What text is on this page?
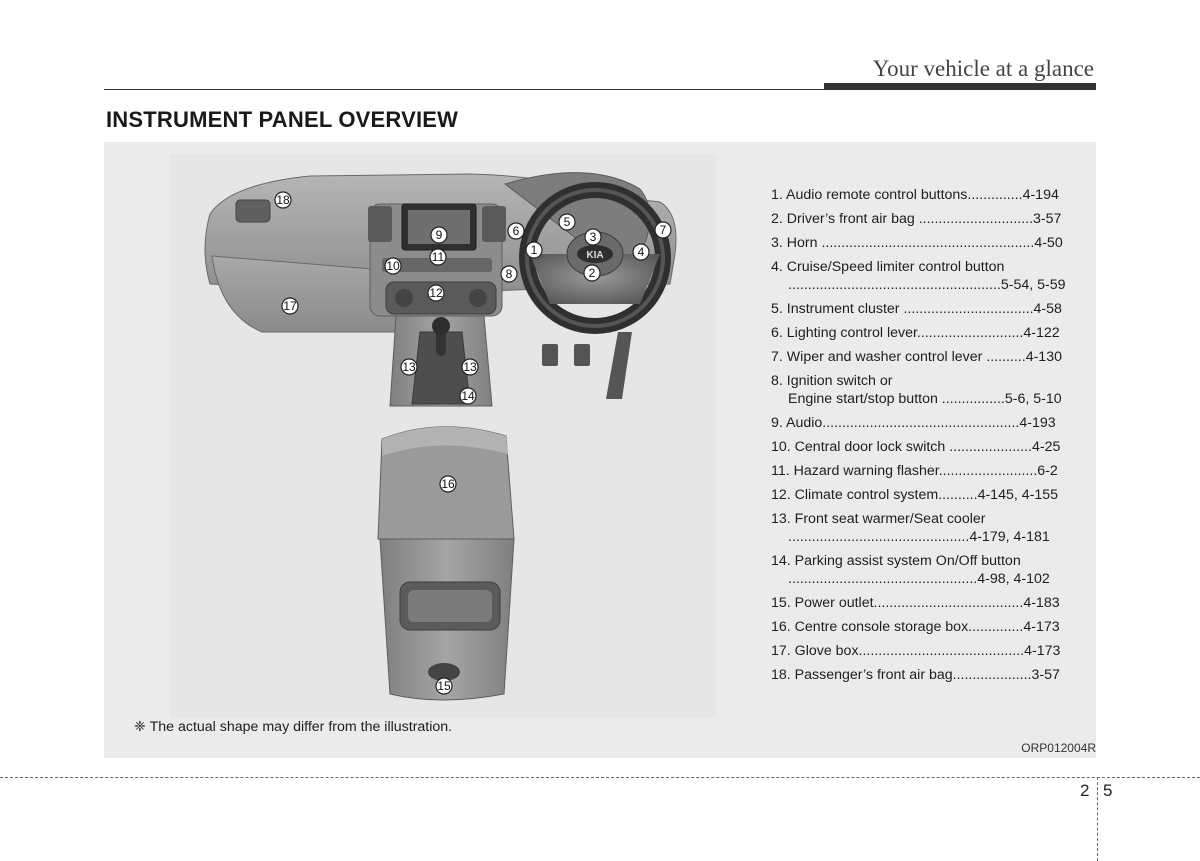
Your vehicle at a glance
INSTRUMENT PANEL OVERVIEW
KIA
1
2
3
4
5
6	7
8
9
10
11
12
13	13
14
15
16
17
18	1. Audio remote control buttons..............4-194
2. Driver’s front air bag .............................3-57
3. Horn ......................................................4-50
4. Cruise/Speed limiter control button
......................................................5-54, 5-59
5. Instrument cluster .................................4-58
6. Lighting control lever...........................4-122
7. Wiper and washer control lever ..........4-130
8. Ignition switch or
Engine start/stop button ................5-6, 5-10
9. Audio..................................................4-193
10. Central door lock switch .....................4-25
11. Hazard warning flasher.........................6-2
12. Climate control system..........4-145, 4-155
13. Front seat warmer/Seat cooler
..............................................4-179, 4-181
14. Parking assist system On/Off button
................................................4-98, 4-102
15. Power outlet......................................4-183
16. Centre console storage box..............4-173
17. Glove box..........................................4-173
18. Passenger’s front air bag....................3-57
❈ The actual shape may differ from the illustration.
ORP012004R
2 5
